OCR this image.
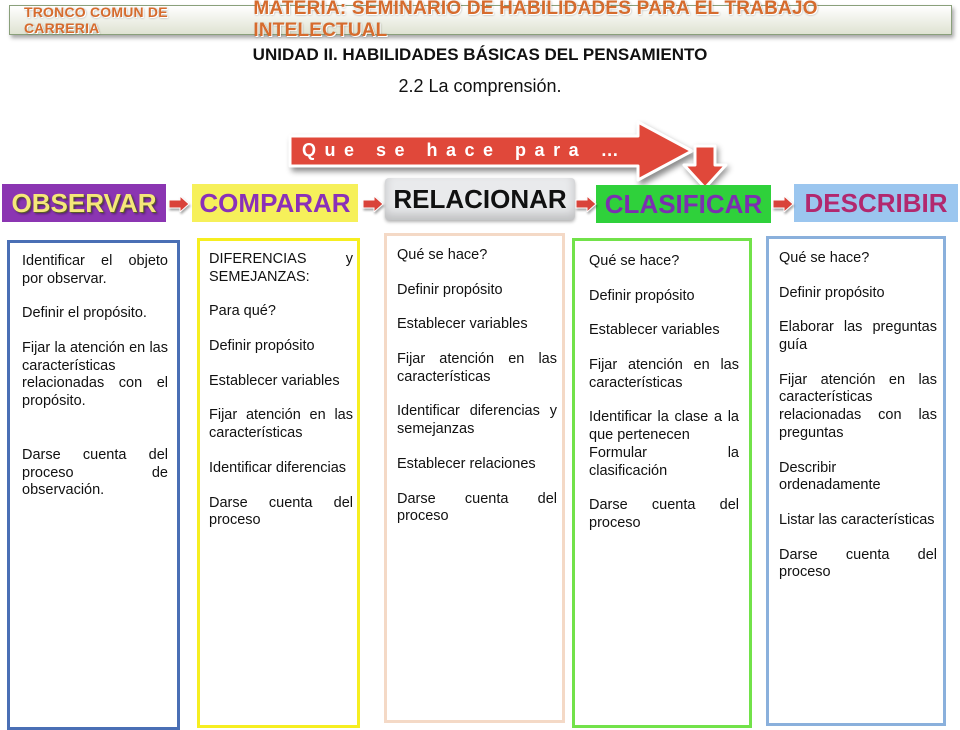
TRONCO COMUN DE CARRERIA
MATERIA: SEMINARIO DE HABILIDADES PARA EL TRABAJO INTELECTUAL
UNIDAD II. HABILIDADES BÁSICAS DEL PENSAMIENTO
2.2 La comprensión.
Que se hace para …
OBSERVAR	COMPARAR	RELACIONAR	CLASIFICAR	DESCRIBIR

Identificar el objeto por observar.

Definir el propósito.

Fijar la atención en las características relacionadas con el propósito.

Darse cuenta del proceso de observación.

DIFERENCIAS y SEMEJANZAS:

Para qué?

Definir propósito

Establecer variables

Fijar atención en las características

Identificar diferencias

Darse cuenta del proceso

Qué se hace?

Definir propósito

Establecer variables

Fijar atención en las características

Identificar diferencias y semejanzas

Establecer relaciones

Darse cuenta del proceso

Qué se hace?

Definir propósito

Establecer variables

Fijar atención en las características

Identificar la clase a la que pertenecen

Formular la clasificación

Darse cuenta del proceso

Qué se hace?

Definir propósito

Elaborar las preguntas guía

Fijar atención en las características relacionadas con las preguntas

Describir ordenadamente

Listar las características

Darse cuenta del proceso
